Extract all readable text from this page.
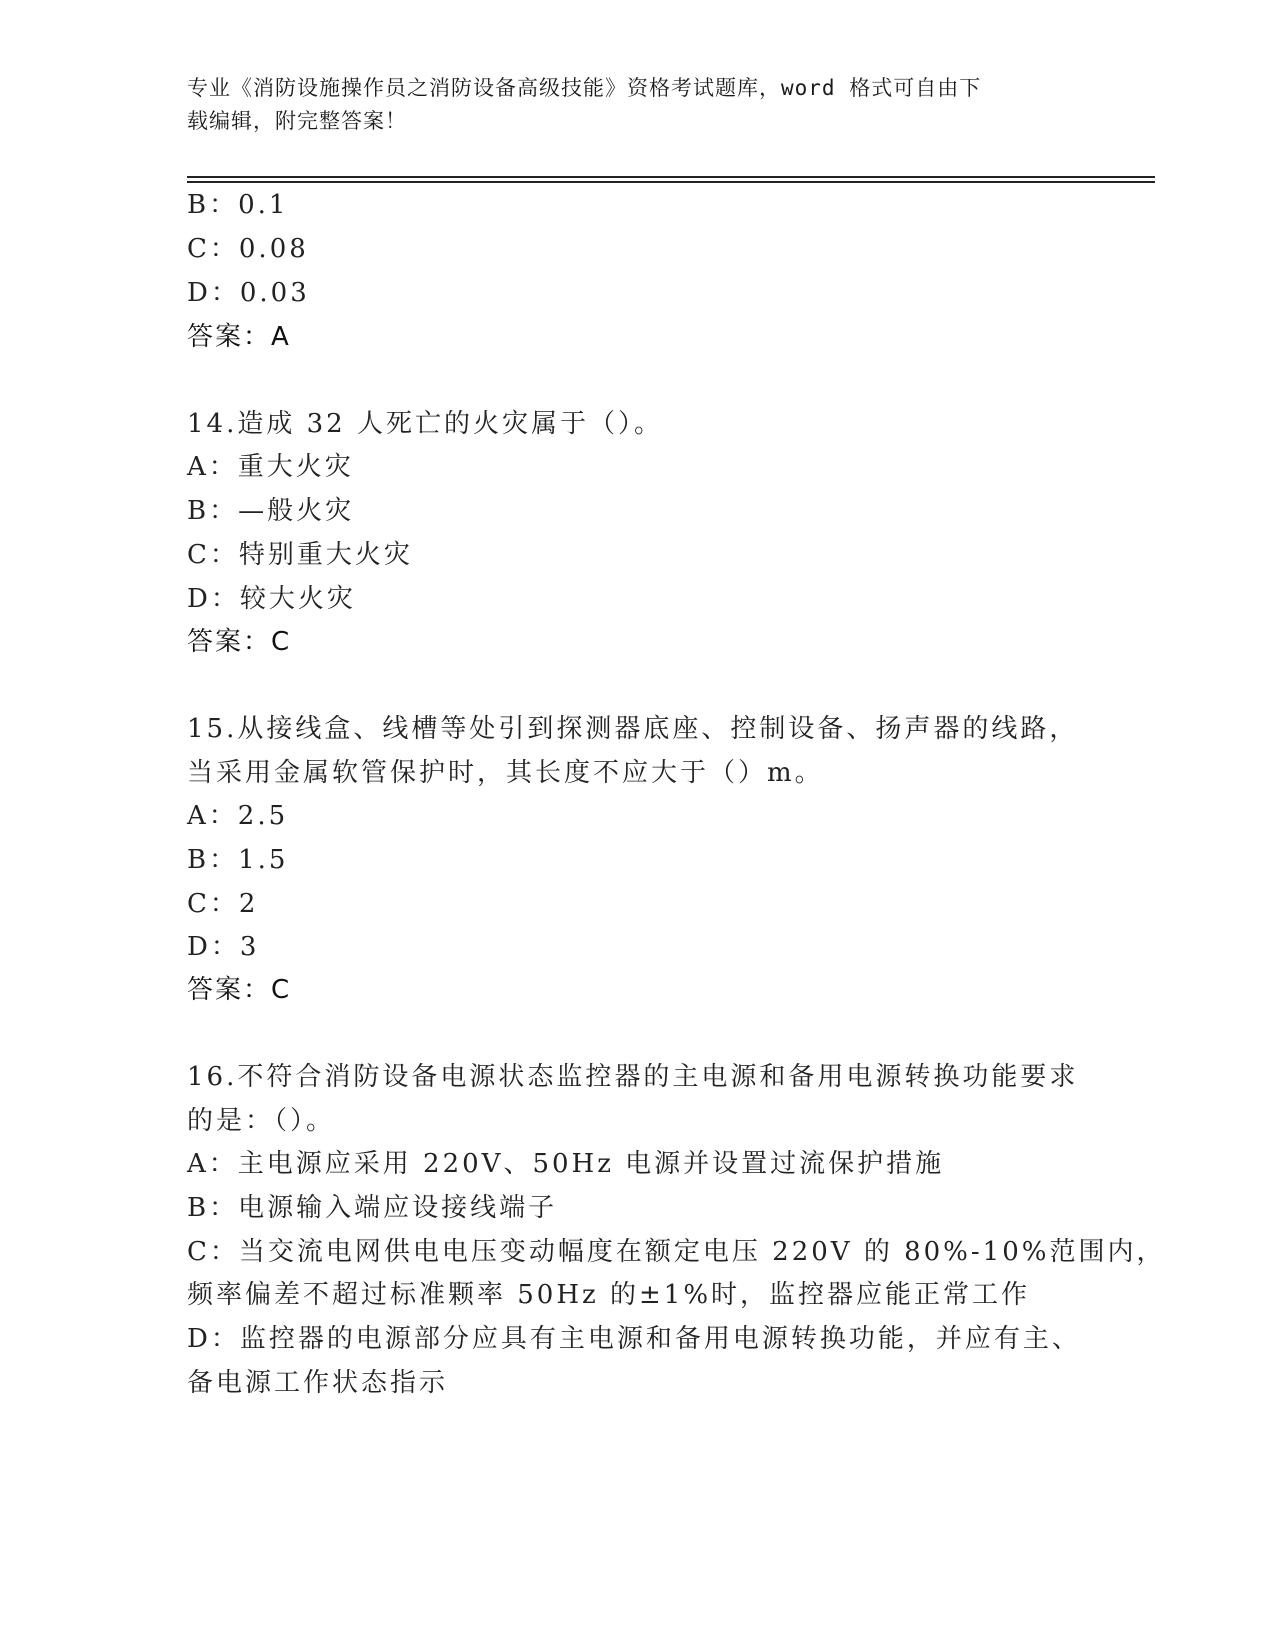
专业《消防设施操作员之消防设备高级技能》资格考试题库，word 格式可自由下
载编辑，附完整答案！
B：0.1
C：0.08
D：0.03
答案：A
14.造成 32 人死亡的火灾属于（）。
A：重大火灾
B：—般火灾
C：特别重大火灾
D：较大火灾
答案：C
15.从接线盒、线槽等处引到探测器底座、控制设备、扬声器的线路，
当采用金属软管保护时，其长度不应大于（）m。
A：2.5
B：1.5
C：2
D：3
答案：C
16.不符合消防设备电源状态监控器的主电源和备用电源转换功能要求
的是：（）。
A：主电源应采用 220V、50Hz 电源并设置过流保护措施
B：电源输入端应设接线端子
C：当交流电网供电电压变动幅度在额定电压 220V 的 80%-10%范围内，
频率偏差不超过标准颗率 50Hz 的±1%时，监控器应能正常工作
D：监控器的电源部分应具有主电源和备用电源转换功能，并应有主、
备电源工作状态指示
